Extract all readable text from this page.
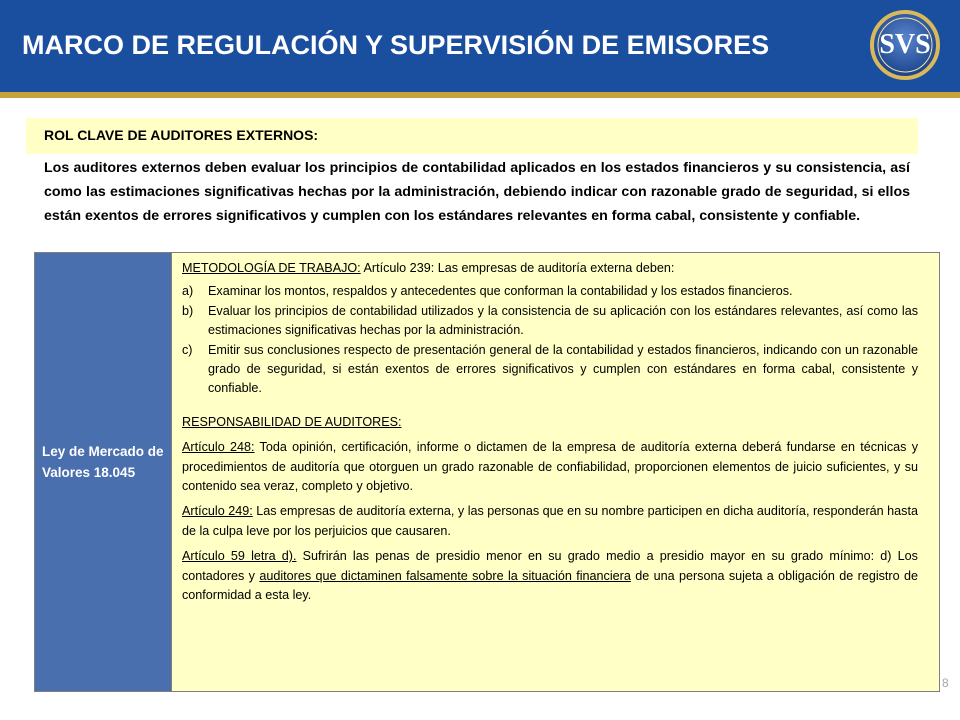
MARCO DE REGULACIÓN Y SUPERVISIÓN DE EMISORES	SVS
ROL CLAVE DE AUDITORES EXTERNOS:
Los auditores externos deben evaluar los principios de contabilidad aplicados en los estados financieros y su consistencia, así como las estimaciones significativas hechas por la administración, debiendo indicar con razonable grado de seguridad, si ellos están exentos de errores significativos y cumplen con los estándares relevantes en forma cabal, consistente y confiable.
Ley de Mercado de Valores 18.045
METODOLOGÍA DE TRABAJO: Artículo 239: Las empresas de auditoría externa deben:
a) Examinar los montos, respaldos y antecedentes que conforman la contabilidad y los estados financieros.
b) Evaluar los principios de contabilidad utilizados y la consistencia de su aplicación con los estándares relevantes, así como las estimaciones significativas hechas por la administración.
c) Emitir sus conclusiones respecto de presentación general de la contabilidad y estados financieros, indicando con un razonable grado de seguridad, si están exentos de errores significativos y cumplen con estándares en forma cabal, consistente y confiable.
RESPONSABILIDAD DE AUDITORES:
Artículo 248: Toda opinión, certificación, informe o dictamen de la empresa de auditoría externa deberá fundarse en técnicas y procedimientos de auditoría que otorguen un grado razonable de confiabilidad, proporcionen elementos de juicio suficientes, y su contenido sea veraz, completo y objetivo.
Artículo 249: Las empresas de auditoría externa, y las personas que en su nombre participen en dicha auditoría, responderán hasta de la culpa leve por los perjuicios que causaren.
Artículo 59 letra d). Sufrirán las penas de presidio menor en su grado medio a presidio mayor en su grado mínimo: d) Los contadores y auditores que dictaminen falsamente sobre la situación financiera de una persona sujeta a obligación de registro de conformidad a esta ley.
8
